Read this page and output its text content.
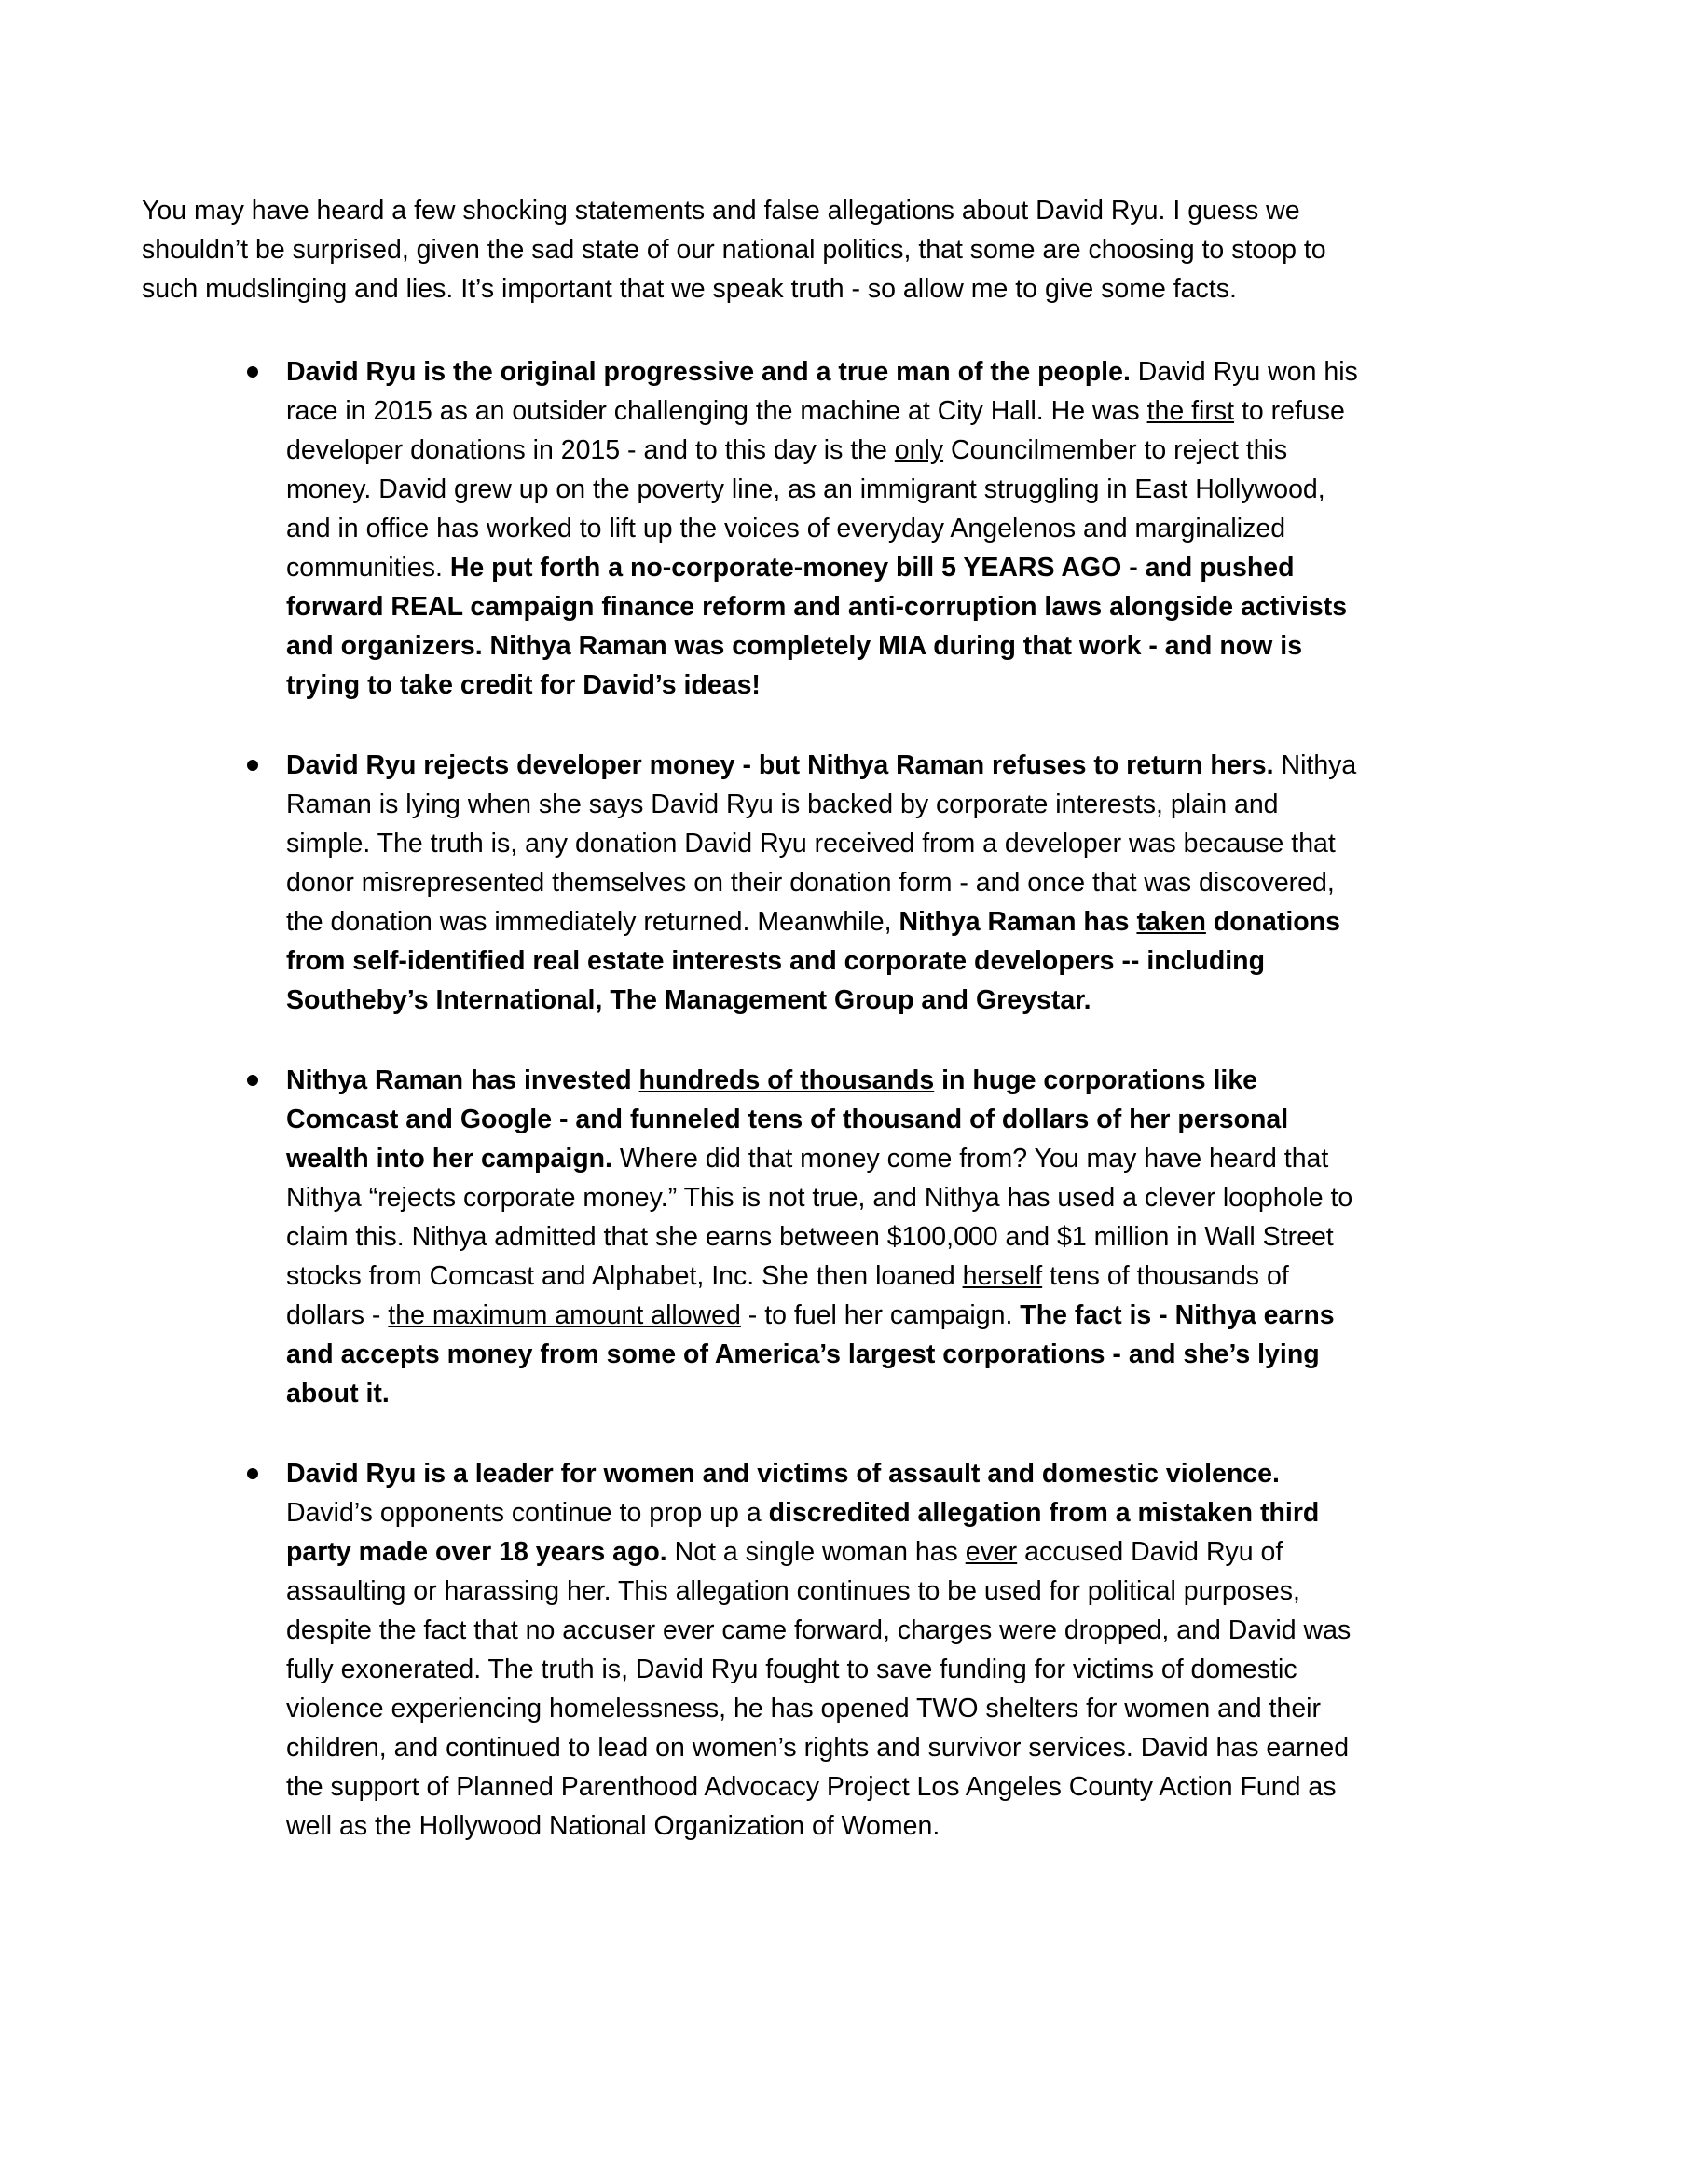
You may have heard a few shocking statements and false allegations about David Ryu. I guess we shouldn’t be surprised, given the sad state of our national politics, that some are choosing to stoop to such mudslinging and lies. It’s important that we speak truth - so allow me to give some facts.

David Ryu is the original progressive and a true man of the people. David Ryu won his race in 2015 as an outsider challenging the machine at City Hall. He was the first to refuse developer donations in 2015 - and to this day is the only Councilmember to reject this money. David grew up on the poverty line, as an immigrant struggling in East Hollywood, and in office has worked to lift up the voices of everyday Angelenos and marginalized communities. He put forth a no-corporate-money bill 5 YEARS AGO - and pushed forward REAL campaign finance reform and anti-corruption laws alongside activists and organizers. Nithya Raman was completely MIA during that work - and now is trying to take credit for David’s ideas!
David Ryu rejects developer money - but Nithya Raman refuses to return hers. Nithya Raman is lying when she says David Ryu is backed by corporate interests, plain and simple. The truth is, any donation David Ryu received from a developer was because that donor misrepresented themselves on their donation form - and once that was discovered, the donation was immediately returned. Meanwhile, Nithya Raman has taken donations from self-identified real estate interests and corporate developers -- including Southeby’s International, The Management Group and Greystar.
Nithya Raman has invested hundreds of thousands in huge corporations like Comcast and Google - and funneled tens of thousand of dollars of her personal wealth into her campaign. Where did that money come from? You may have heard that Nithya “rejects corporate money.” This is not true, and Nithya has used a clever loophole to claim this. Nithya admitted that she earns between $100,000 and $1 million in Wall Street stocks from Comcast and Alphabet, Inc. She then loaned herself tens of thousands of dollars - the maximum amount allowed - to fuel her campaign. The fact is - Nithya earns and accepts money from some of America’s largest corporations - and she’s lying about it.
David Ryu is a leader for women and victims of assault and domestic violence. David’s opponents continue to prop up a discredited allegation from a mistaken third party made over 18 years ago. Not a single woman has ever accused David Ryu of assaulting or harassing her. This allegation continues to be used for political purposes, despite the fact that no accuser ever came forward, charges were dropped, and David was fully exonerated. The truth is, David Ryu fought to save funding for victims of domestic violence experiencing homelessness, he has opened TWO shelters for women and their children, and continued to lead on women’s rights and survivor services. David has earned the support of Planned Parenthood Advocacy Project Los Angeles County Action Fund as well as the Hollywood National Organization of Women.
